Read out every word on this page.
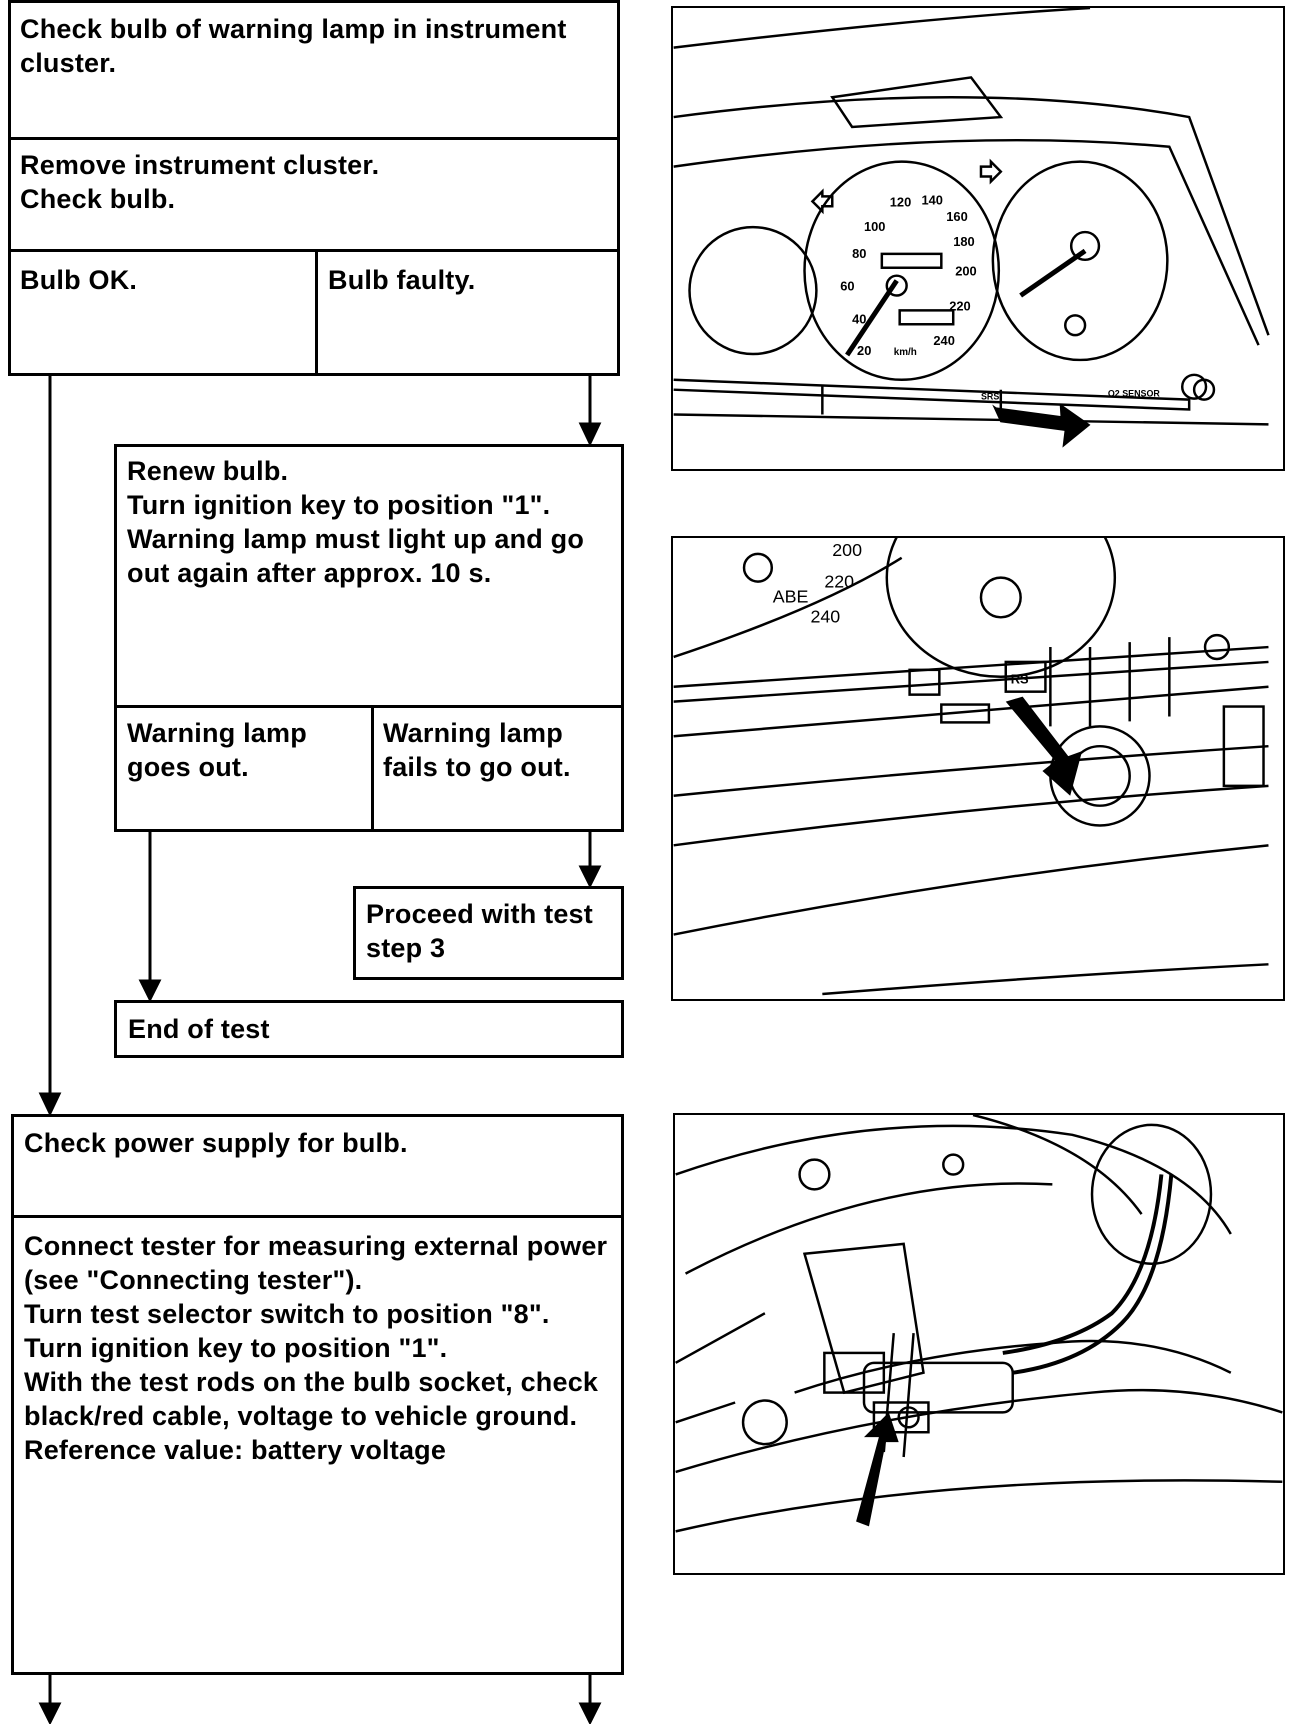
Check bulb of warning lamp in instrument
cluster.
Remove instrument cluster.
Check bulb.
Bulb OK.	Bulb faulty.
Renew bulb.
Turn ignition key to position "1".
Warning lamp must light up and go
out again after approx. 10 s.
Warning lamp
goes out.
Warning lamp
fails to go out.
Proceed with test
step 3
End of test
Check power supply for bulb.
Connect tester for measuring external power
(see "Connecting tester").
Turn test selector switch to position "8".
Turn ignition key to position "1".
With the test rods on the bulb socket, check
black/red cable, voltage to vehicle ground.
Reference value: battery voltage
20
40
60
80
100
120 140
160
180
200
220
240
km/h
SRS	O2 SENSOR
200
220
240
RS
ABE
